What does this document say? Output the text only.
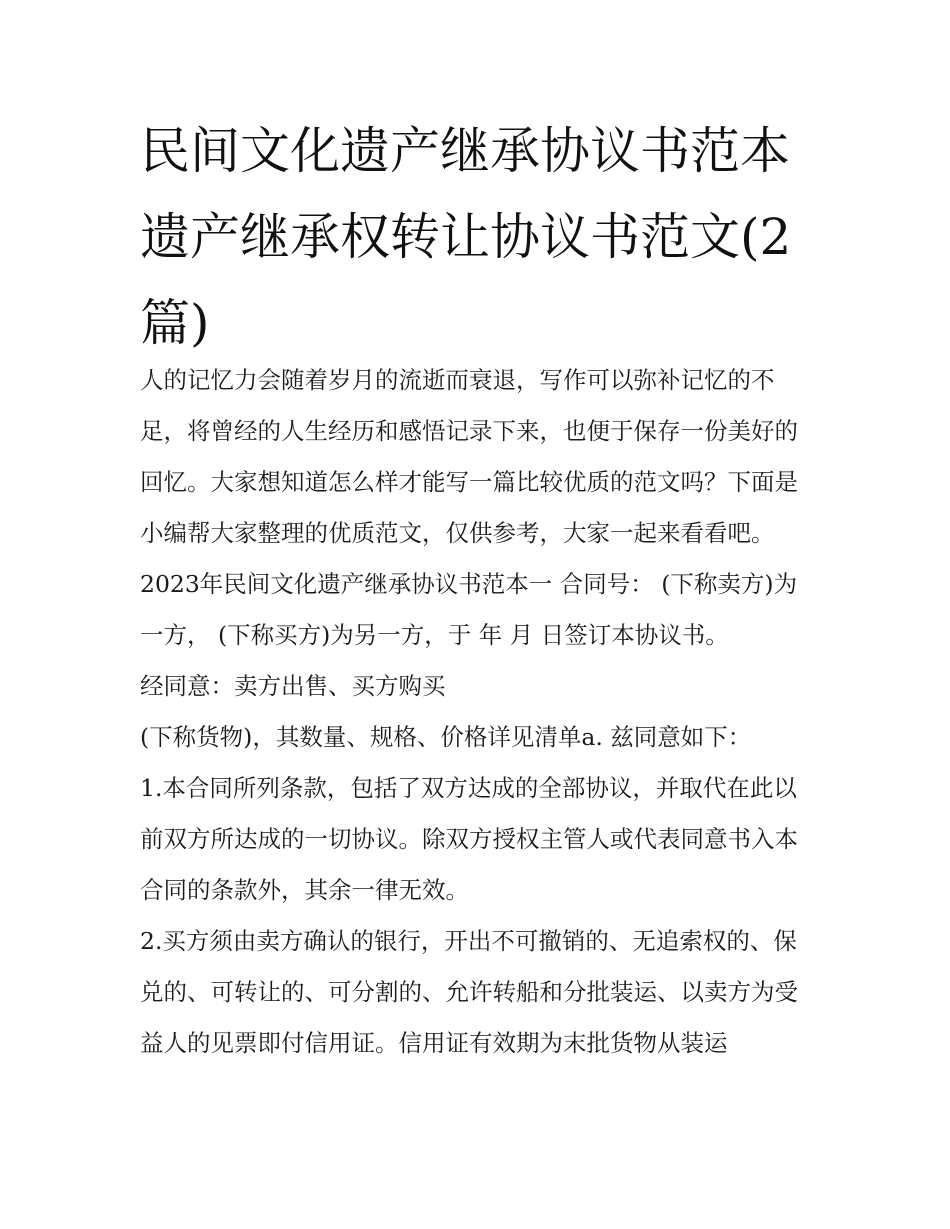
民间文化遗产继承协议书范本遗产继承权转让协议书范文(2篇)

人的记忆力会随着岁月的流逝而衰退，写作可以弥补记忆的不足，将曾经的人生经历和感悟记录下来，也便于保存一份美好的回忆。大家想知道怎么样才能写一篇比较优质的范文吗？下面是小编帮大家整理的优质范文，仅供参考，大家一起来看看吧。

2023年民间文化遗产继承协议书范本一 合同号： (下称卖方)为一方， (下称买方)为另一方，于 年 月 日签订本协议书。

经同意：卖方出售、买方购买

(下称货物)，其数量、规格、价格详见清单a. 兹同意如下：

1.本合同所列条款，包括了双方达成的全部协议，并取代在此以前双方所达成的一切协议。除双方授权主管人或代表同意书入本合同的条款外，其余一律无效。

2.买方须由卖方确认的银行，开出不可撤销的、无追索权的、保兑的、可转让的、可分割的、允许转船和分批装运、以卖方为受益人的见票即付信用证。信用证有效期为末批货物从装运
